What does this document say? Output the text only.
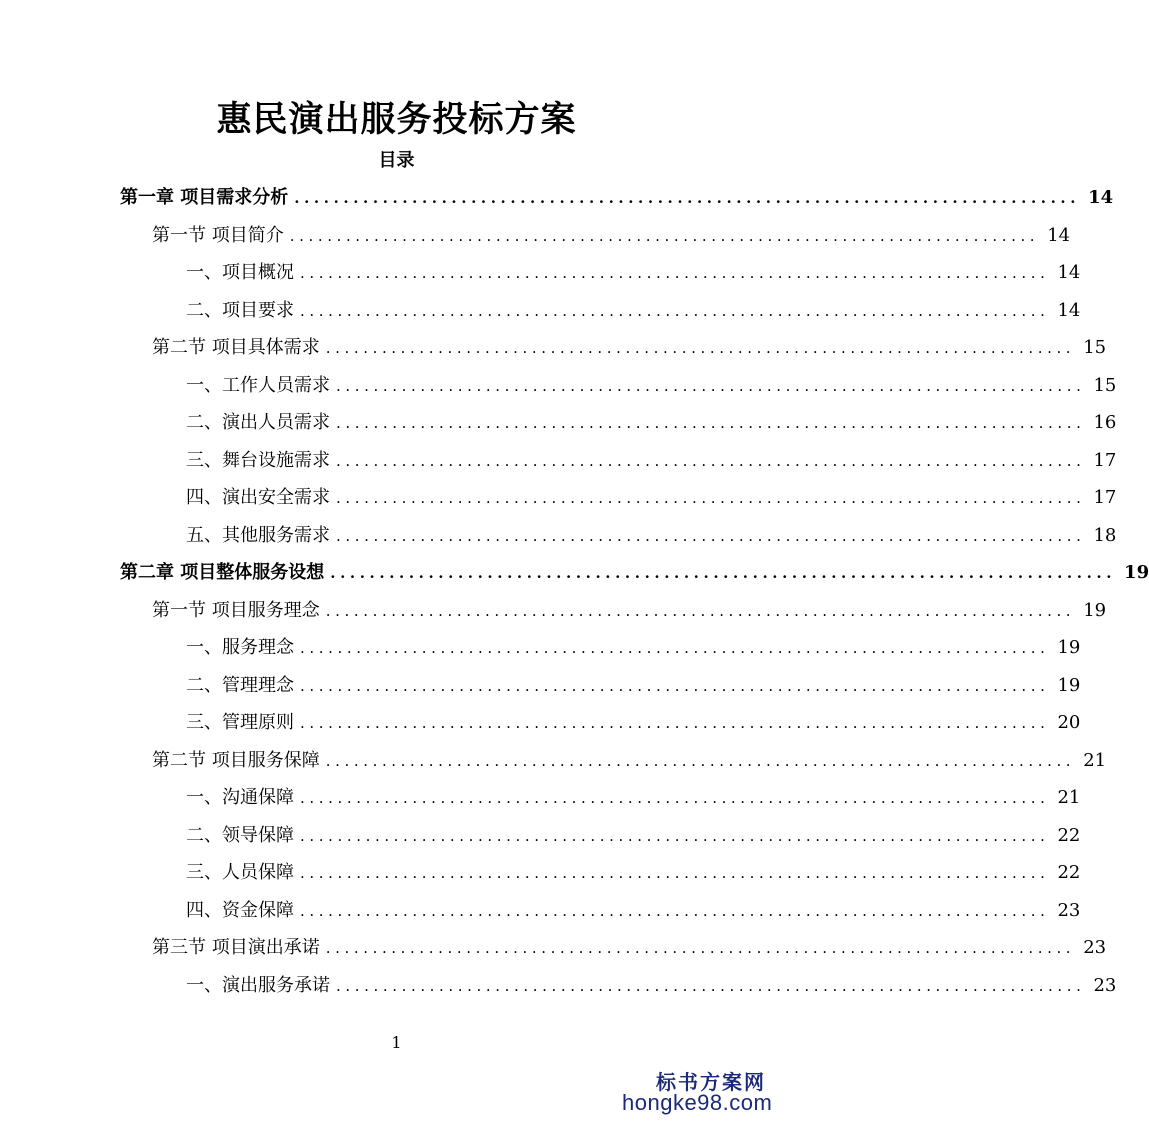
惠民演出服务投标方案
目录
第一章 项目需求分析 ................................................................................ 14
第一节 项目简介 ................................................................................ 14
一、项目概况 ................................................................................ 14
二、项目要求 ................................................................................ 14
第二节 项目具体需求 ................................................................................ 15
一、工作人员需求 ................................................................................ 15
二、演出人员需求 ................................................................................ 16
三、舞台设施需求 ................................................................................ 17
四、演出安全需求 ................................................................................ 17
五、其他服务需求 ................................................................................ 18
第二章 项目整体服务设想 ................................................................................ 19
第一节 项目服务理念 ................................................................................ 19
一、服务理念 ................................................................................ 19
二、管理理念 ................................................................................ 19
三、管理原则 ................................................................................ 20
第二节 项目服务保障 ................................................................................ 21
一、沟通保障 ................................................................................ 21
二、领导保障 ................................................................................ 22
三、人员保障 ................................................................................ 22
四、资金保障 ................................................................................ 23
第三节 项目演出承诺 ................................................................................ 23
一、演出服务承诺 ................................................................................ 23
1
标书方案网
hongke98.com
